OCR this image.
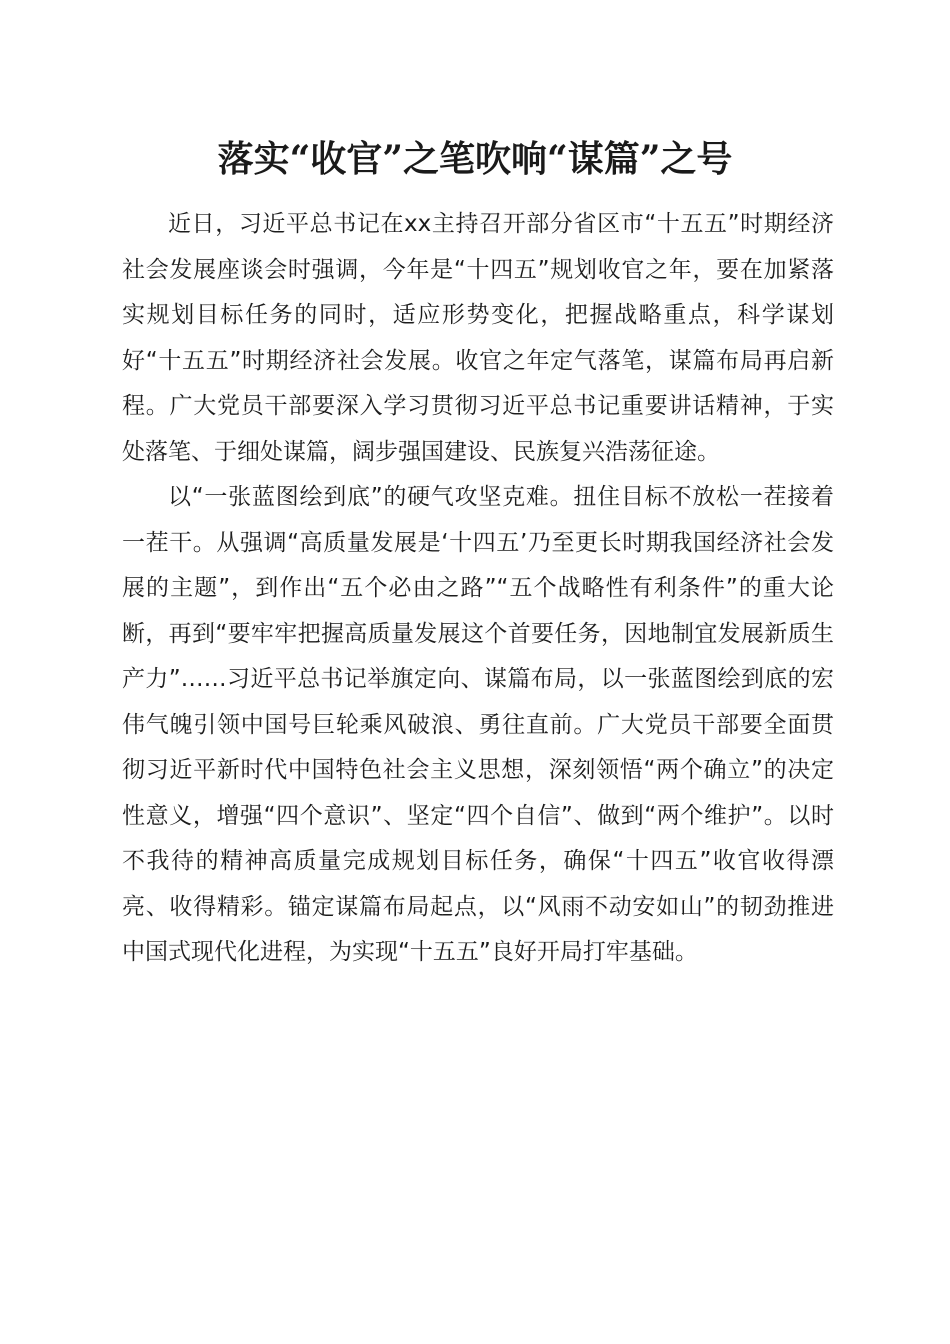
落实“收官”之笔吹响“谋篇”之号

近日，习近平总书记在xx主持召开部分省区市“十五五”时期经济社会发展座谈会时强调，今年是“十四五”规划收官之年，要在加紧落实规划目标任务的同时，适应形势变化，把握战略重点，科学谋划好“十五五”时期经济社会发展。收官之年定气落笔，谋篇布局再启新程。广大党员干部要深入学习贯彻习近平总书记重要讲话精神，于实处落笔、于细处谋篇，阔步强国建设、民族复兴浩荡征途。

以“一张蓝图绘到底”的硬气攻坚克难。扭住目标不放松一茬接着一茬干。从强调“高质量发展是‘十四五’乃至更长时期我国经济社会发展的主题”，到作出“五个必由之路”“五个战略性有利条件”的重大论断，再到“要牢牢把握高质量发展这个首要任务，因地制宜发展新质生产力”……习近平总书记举旗定向、谋篇布局，以一张蓝图绘到底的宏伟气魄引领中国号巨轮乘风破浪、勇往直前。广大党员干部要全面贯彻习近平新时代中国特色社会主义思想，深刻领悟“两个确立”的决定性意义，增强“四个意识”、坚定“四个自信”、做到“两个维护”。以时不我待的精神高质量完成规划目标任务，确保“十四五”收官收得漂亮、收得精彩。锚定谋篇布局起点，以“风雨不动安如山”的韧劲推进中国式现代化进程，为实现“十五五”良好开局打牢基础。
